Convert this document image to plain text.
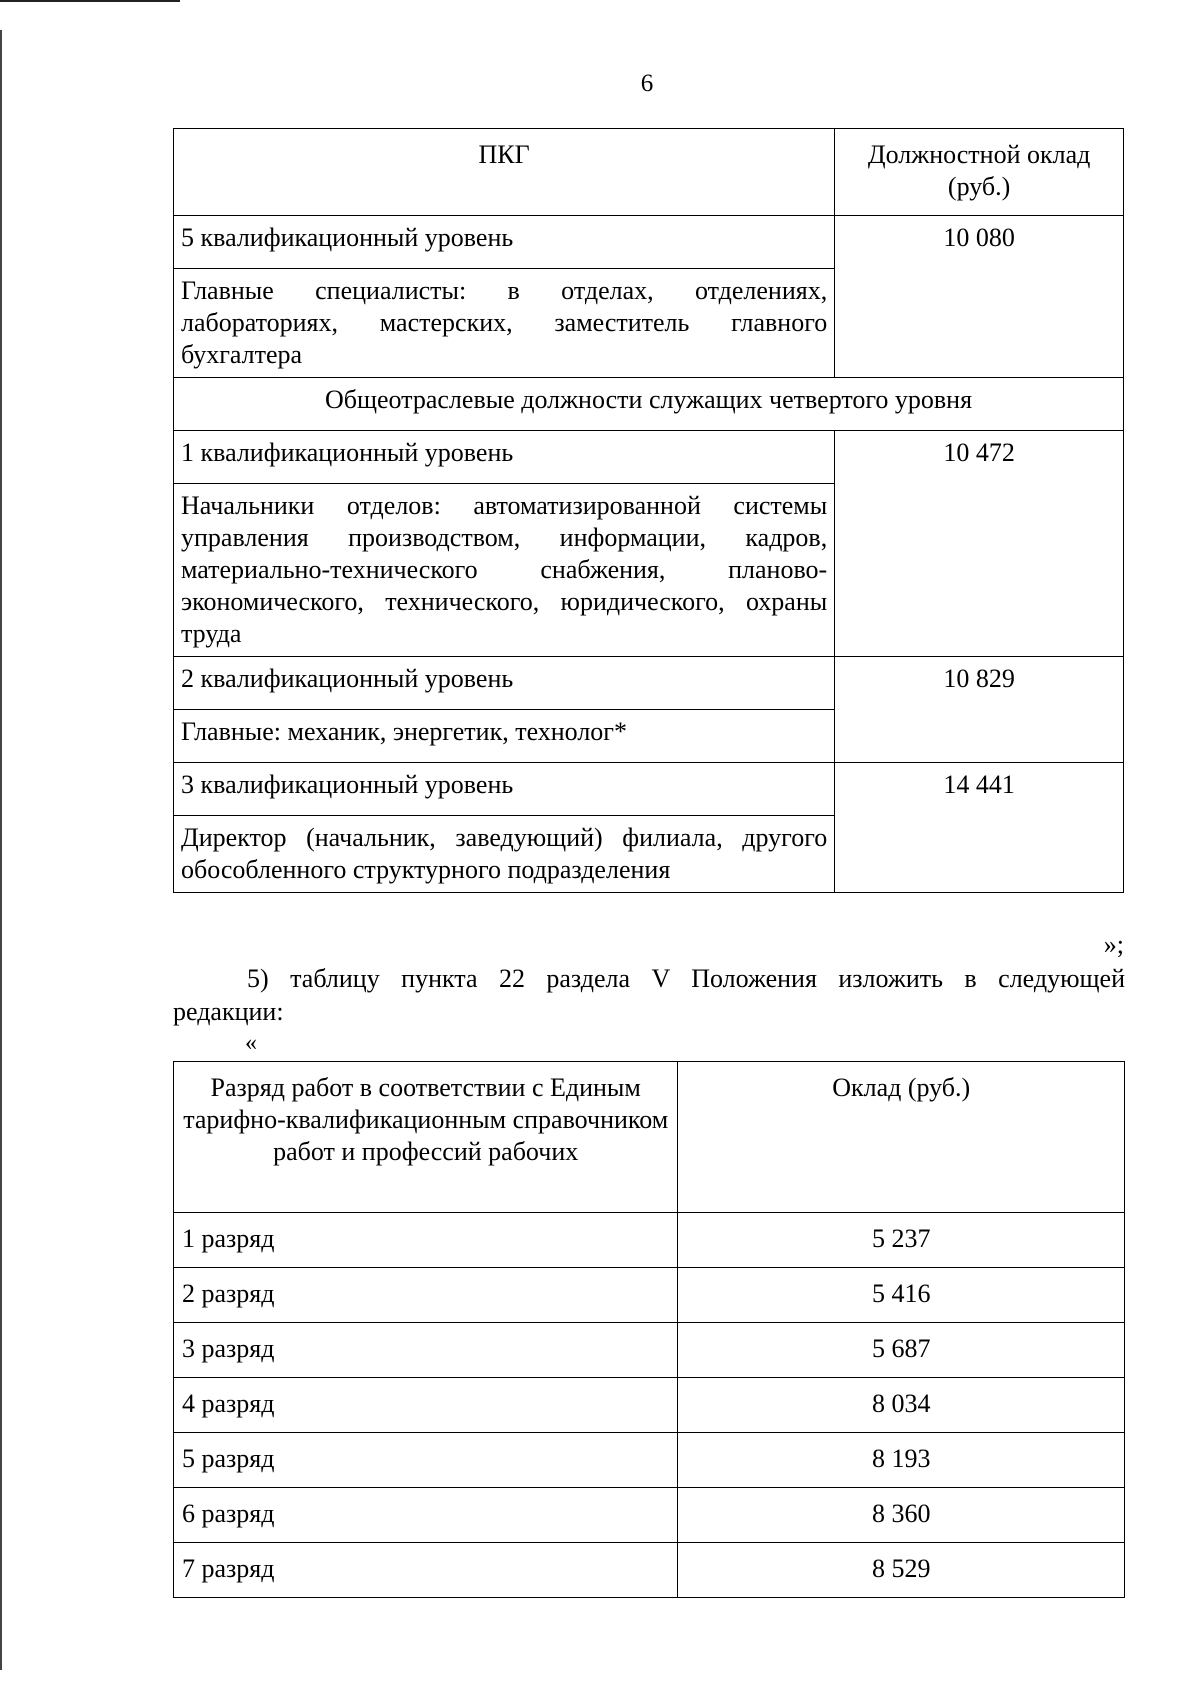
6
ПКГ	Должностной оклад (руб.)
5 квалификационный уровень	10 080
Главные специалисты: в отделах, отделениях, лабораториях, мастерских, заместитель главного бухгалтера	
Общеотраслевые должности служащих четвертого уровня	
1 квалификационный уровень	10 472
Начальники отделов: автоматизированной системы управления производством, информации, кадров, материально-технического снабжения, планово-экономического, технического, юридического, охраны труда	
2 квалификационный уровень	10 829
Главные: механик, энергетик, технолог*	
3 квалификационный уровень	14 441
Директор (начальник, заведующий) филиала, другого обособленного структурного подразделения	
»;
5) таблицу пункта 22 раздела V Положения изложить в следующей
редакции:
«
Разряд работ в соответствии с Единым тарифно-квалификационным справочником работ и профессий рабочих	Оклад (руб.)
1 разряд	5 237
2 разряд	5 416
3 разряд	5 687
4 разряд	8 034
5 разряд	8 193
6 разряд	8 360
7 разряд	8 529
